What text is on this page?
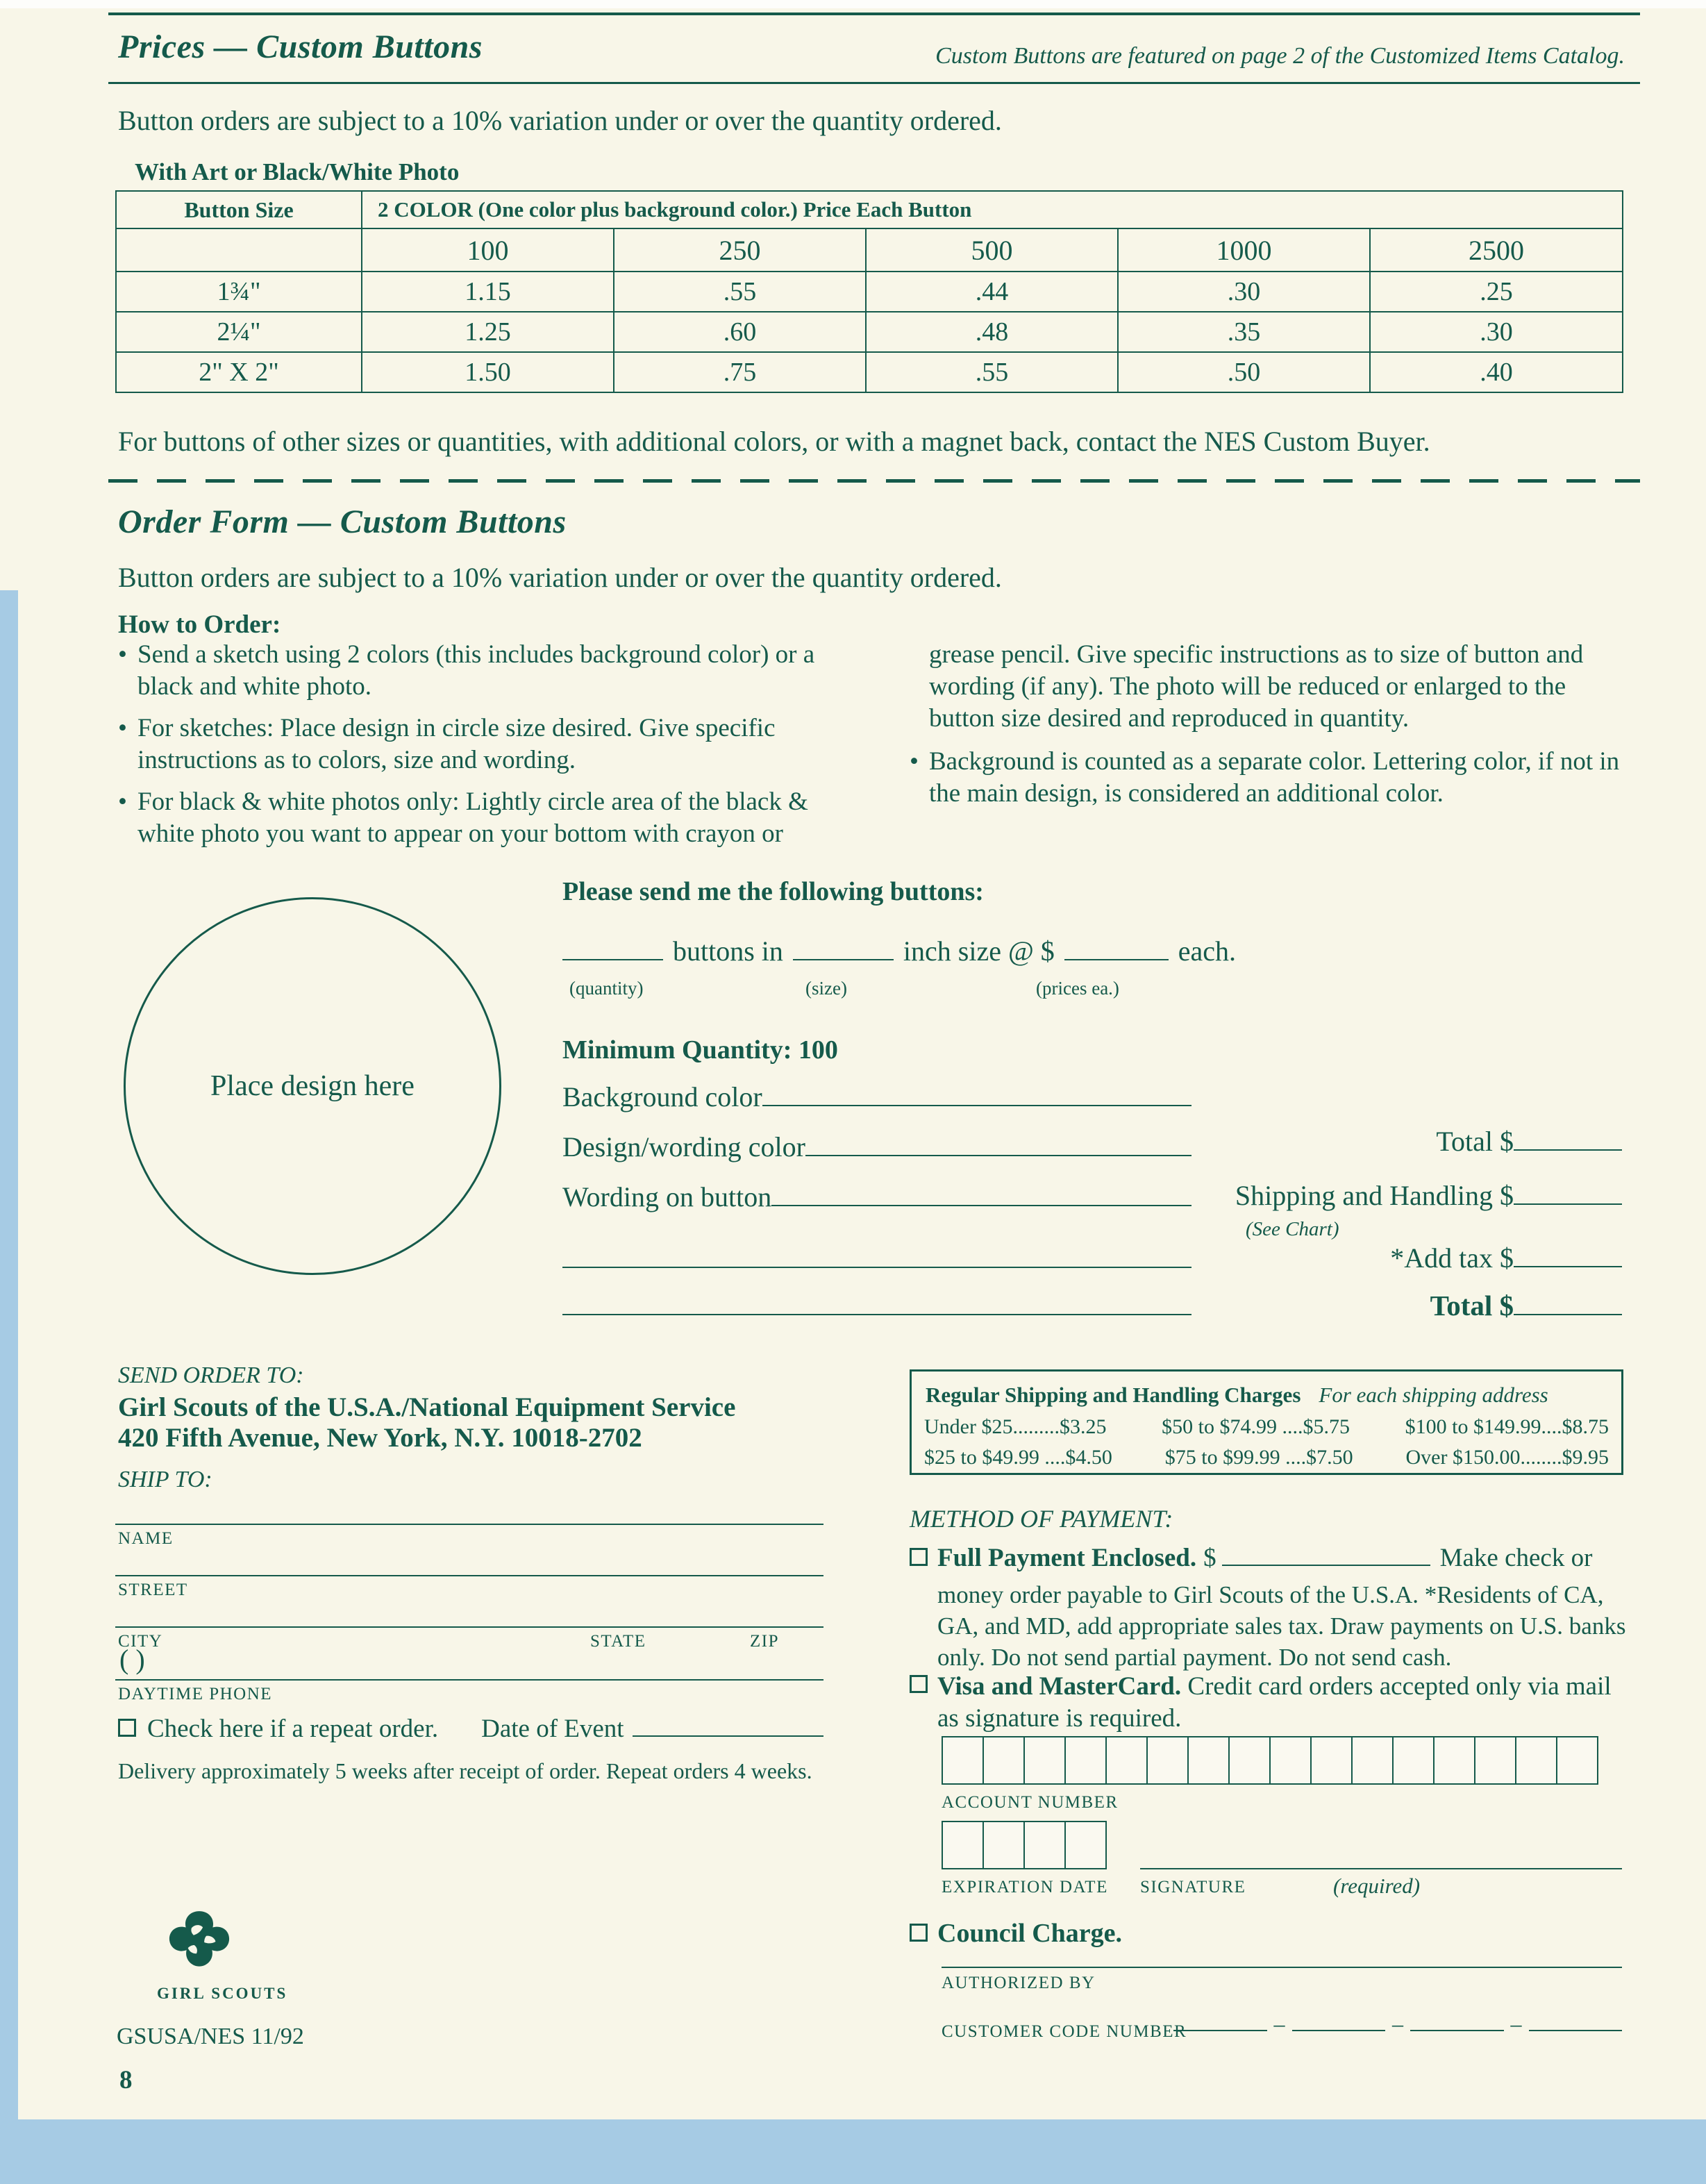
Prices — Custom Buttons	Custom Buttons are featured on page 2 of the Customized Items Catalog.
Button orders are subject to a 10% variation under or over the quantity ordered.
With Art or Black/White Photo
Button Size	2 COLOR (One color plus background color.) Price Each Button				
	100	250	500	1000	2500
1¾"	1.15	.55	.44	.30	.25
2¼"	1.25	.60	.48	.35	.30
2" X 2"	1.50	.75	.55	.50	.40
For buttons of other sizes or quantities, with additional colors, or with a magnet back, contact the NES Custom Buyer.
Order Form — Custom Buttons
Button orders are subject to a 10% variation under or over the quantity ordered.
How to Order:
• Send a sketch using 2 colors (this includes background color) or a black and white photo.
• For sketches: Place design in circle size desired. Give specific instructions as to colors, size and wording.
• For black & white photos only: Lightly circle area of the black & white photo you want to appear on your bottom with crayon or
grease pencil. Give specific instructions as to size of button and wording (if any). The photo will be reduced or enlarged to the button size desired and reproduced in quantity.
• Background is counted as a separate color. Lettering color, if not in the main design, is considered an additional color.
Place design here
Please send me the following buttons:
buttons in	inch size @ $	each.
(quantity)	(size)	(prices ea.)
Minimum Quantity: 100
Background color
Design/wording color
Wording on button
Total $
Shipping and Handling $
(See Chart)
*Add tax $
Total $
SEND ORDER TO:
Girl Scouts of the U.S.A./National Equipment Service
420 Fifth Avenue, New York, N.Y. 10018-2702
SHIP TO:
NAME
STREET
CITY	STATE	ZIP
( )
DAYTIME PHONE
Check here if a repeat order. Date of Event
Delivery approximately 5 weeks after receipt of order. Repeat orders 4 weeks.
GIRL SCOUTS
GSUSA/NES 11/92
8
Regular Shipping and Handling Charges For each shipping address
Under $25.........$3.25	$50 to $74.99 ....$5.75	$100 to $149.99....$8.75
$25 to $49.99 ....$4.50	$75 to $99.99 ....$7.50	Over $150.00........$9.95
METHOD OF PAYMENT:
Full Payment Enclosed. $	Make check or
money order payable to Girl Scouts of the U.S.A. *Residents of CA, GA, and MD, add appropriate sales tax. Draw payments on U.S. banks only. Do not send partial payment. Do not send cash.
Visa and MasterCard. Credit card orders accepted only via mail as signature is required.
ACCOUNT NUMBER
EXPIRATION DATE SIGNATURE	(required)
Council Charge.
AUTHORIZED BY
CUSTOMER CODE NUMBER	–	–	–
